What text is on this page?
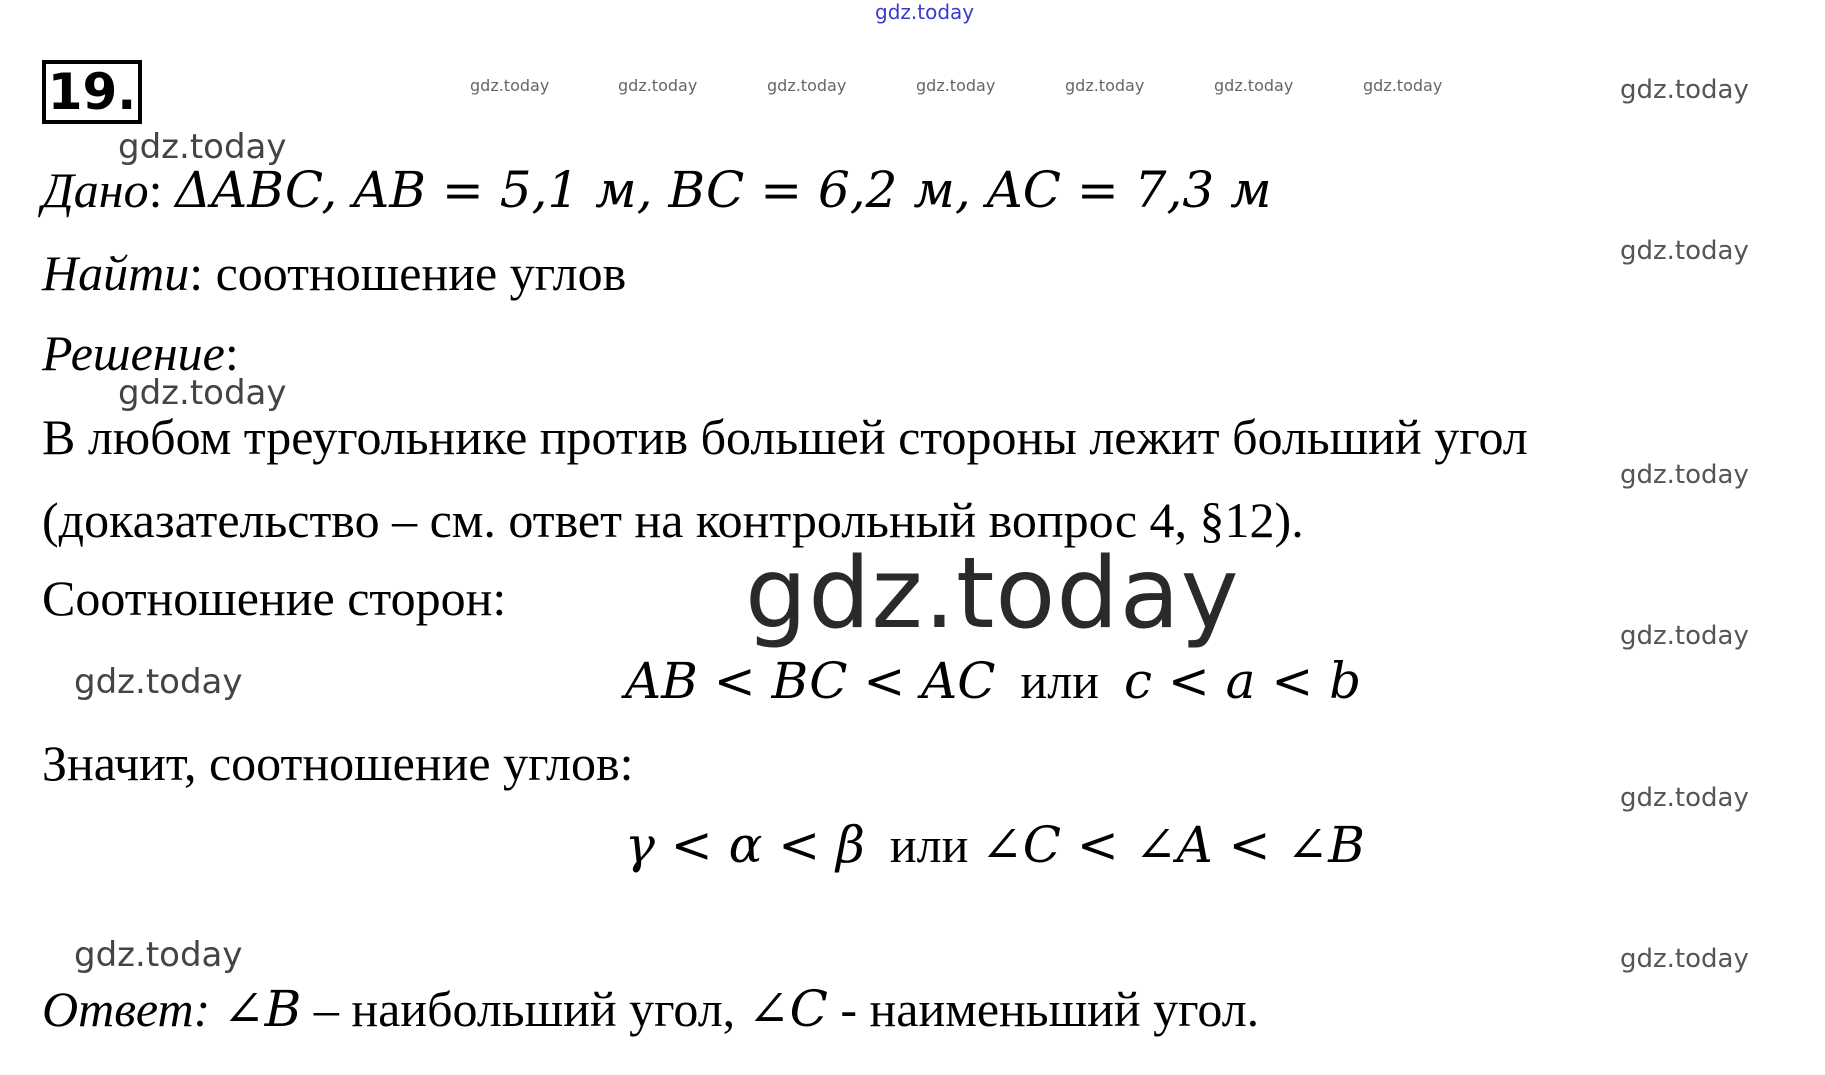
gdz.today
gdz.today	gdz.today	gdz.today	gdz.today	gdz.today	gdz.today	gdz.today	gdz.today
gdz.today
gdz.today
gdz.today
gdz.today
gdz.today
gdz.today
gdz.today
gdz.today
gdz.today
gdz.today
19.
Дано: ΔABC, AB = 5,1 м, BC = 6,2 м, AC = 7,3 м
Найти: соотношение углов
Решение:
В любом треугольнике против большей стороны лежит больший угол
(доказательство – см. ответ на контрольный вопрос 4, §12).
Соотношение сторон:
AB < BC < AC или c < a < b
Значит, соотношение углов:
γ < α < β или ∠C < ∠A < ∠B
Ответ: ∠B – наибольший угол, ∠C - наименьший угол.
